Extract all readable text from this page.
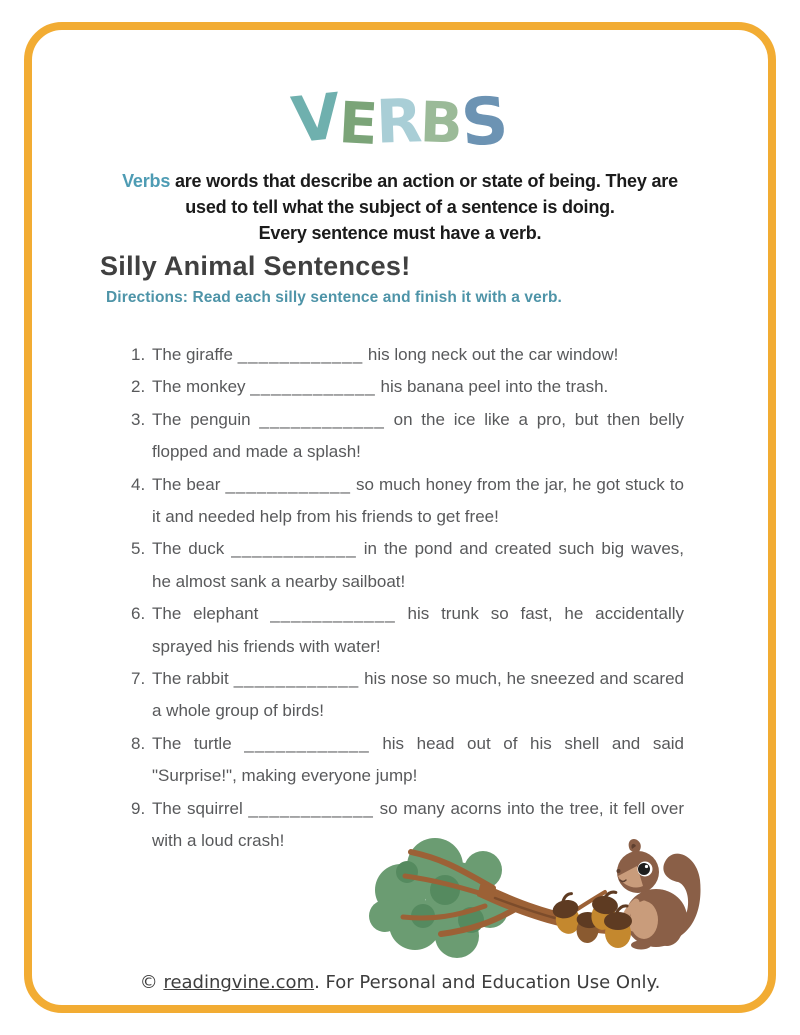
VERBS
Verbs are words that describe an action or state of being. They are
used to tell what the subject of a sentence is doing.
Every sentence must have a verb.
Silly Animal Sentences!
Directions: Read each silly sentence and finish it with a verb.
1. The giraffe ____________ his long neck out the car window!
2. The monkey ____________ his banana peel into the trash.
3. The penguin ____________ on the ice like a pro, but then belly flopped and made a splash!
4. The bear ____________ so much honey from the jar, he got stuck to it and needed help from his friends to get free!
5. The duck ____________ in the pond and created such big waves, he almost sank a nearby sailboat!
6. The elephant ____________ his trunk so fast, he accidentally sprayed his friends with water!
7. The rabbit ____________ his nose so much, he sneezed and scared a whole group of birds!
8. The turtle ____________ his head out of his shell and said "Surprise!", making everyone jump!
9. The squirrel ____________ so many acorns into the tree, it fell over with a loud crash!
© readingvine.com. For Personal and Education Use Only.
